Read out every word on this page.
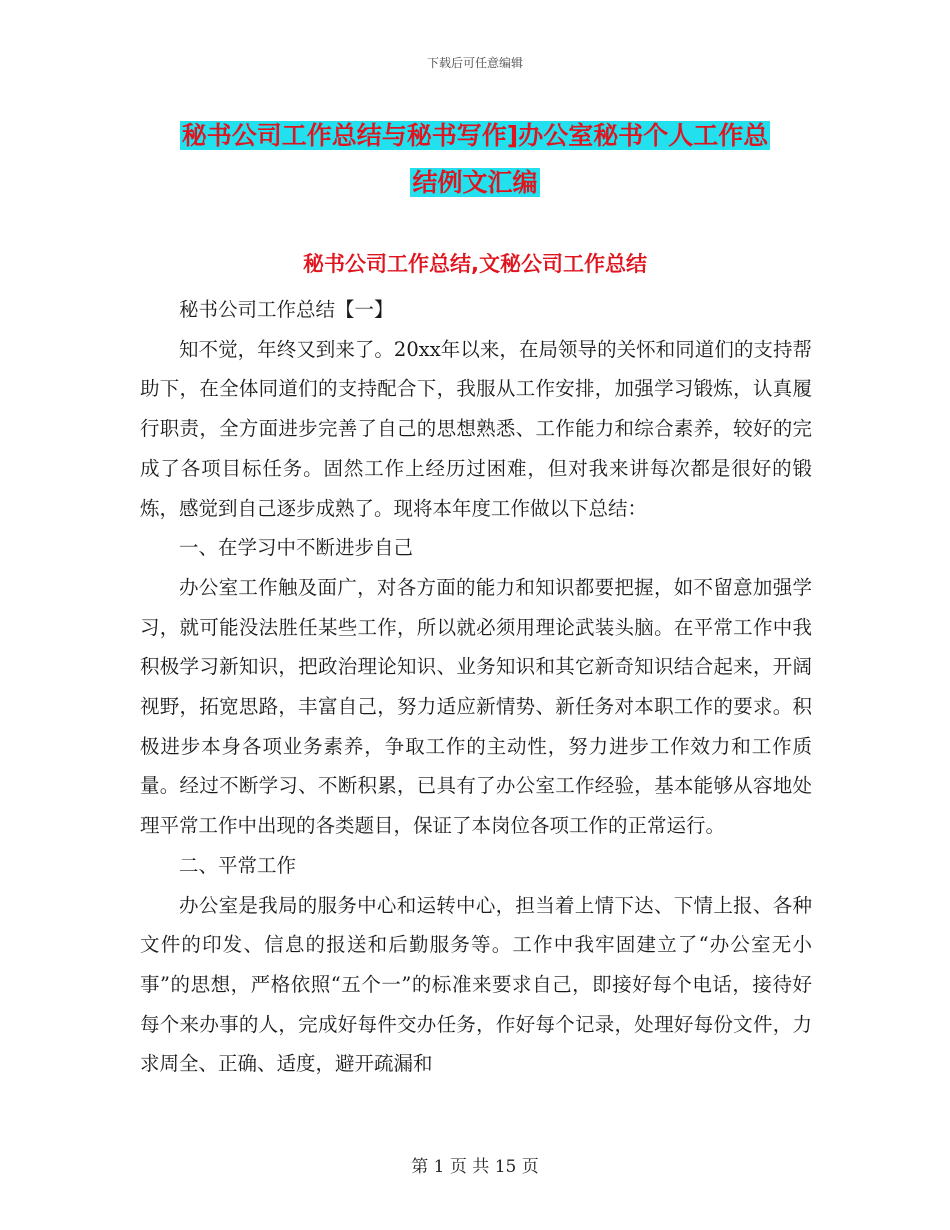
下载后可任意编辑
秘书公司工作总结与秘书写作]办公室秘书个人工作总
结例文汇编
秘书公司工作总结,文秘公司工作总结

秘书公司工作总结【一】

知不觉，年终又到来了。20xx年以来，在局领导的关怀和同道们的支持帮助下，在全体同道们的支持配合下，我服从工作安排，加强学习锻炼，认真履行职责，全方面进步完善了自己的思想熟悉、工作能力和综合素养，较好的完成了各项目标任务。固然工作上经历过困难，但对我来讲每次都是很好的锻炼，感觉到自己逐步成熟了。现将本年度工作做以下总结：

一、在学习中不断进步自己

办公室工作触及面广，对各方面的能力和知识都要把握，如不留意加强学习，就可能没法胜任某些工作，所以就必须用理论武装头脑。在平常工作中我积极学习新知识，把政治理论知识、业务知识和其它新奇知识结合起来，开阔视野，拓宽思路，丰富自己，努力适应新情势、新任务对本职工作的要求。积极进步本身各项业务素养，争取工作的主动性，努力进步工作效力和工作质量。经过不断学习、不断积累，已具有了办公室工作经验，基本能够从容地处理平常工作中出现的各类题目，保证了本岗位各项工作的正常运行。

二、平常工作

办公室是我局的服务中心和运转中心，担当着上情下达、下情上报、各种文件的印发、信息的报送和后勤服务等。工作中我牢固建立了“办公室无小事”的思想，严格依照“五个一”的标准来要求自己，即接好每个电话，接待好每个来办事的人，完成好每件交办任务，作好每个记录，处理好每份文件，力求周全、正确、适度，避开疏漏和

第 1 页 共 15 页
